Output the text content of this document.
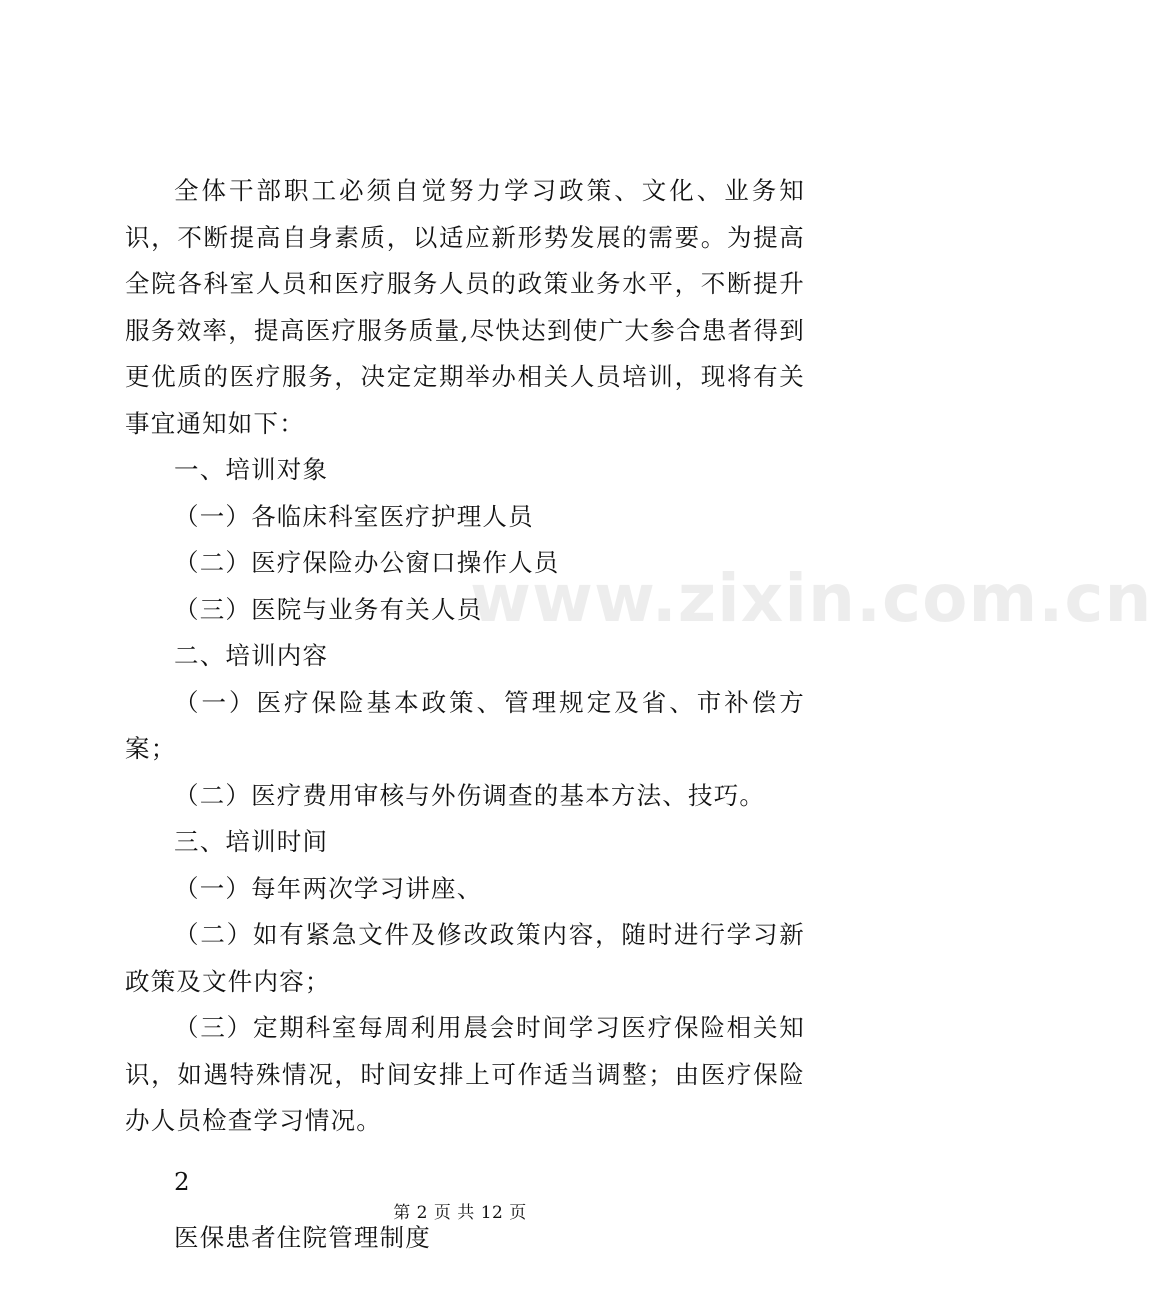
www.zixin.com.cn

全体干部职工必须自觉努力学习政策、文化、业务知识，不断提高自身素质，以适应新形势发展的需要。为提高全院各科室人员和医疗服务人员的政策业务水平，不断提升服务效率，提高医疗服务质量,尽快达到使广大参合患者得到更优质的医疗服务，决定定期举办相关人员培训，现将有关事宜通知如下：

一、培训对象

（一）各临床科室医疗护理人员

（二）医疗保险办公窗口操作人员

（三）医院与业务有关人员

二、培训内容

（一）医疗保险基本政策、管理规定及省、市补偿方案；

（二）医疗费用审核与外伤调查的基本方法、技巧。

三、培训时间

（一）每年两次学习讲座、

（二）如有紧急文件及修改政策内容，随时进行学习新政策及文件内容；

（三）定期科室每周利用晨会时间学习医疗保险相关知识，如遇特殊情况，时间安排上可作适当调整；由医疗保险办人员检查学习情况。

2

医保患者住院管理制度

第 2 页 共 12 页
